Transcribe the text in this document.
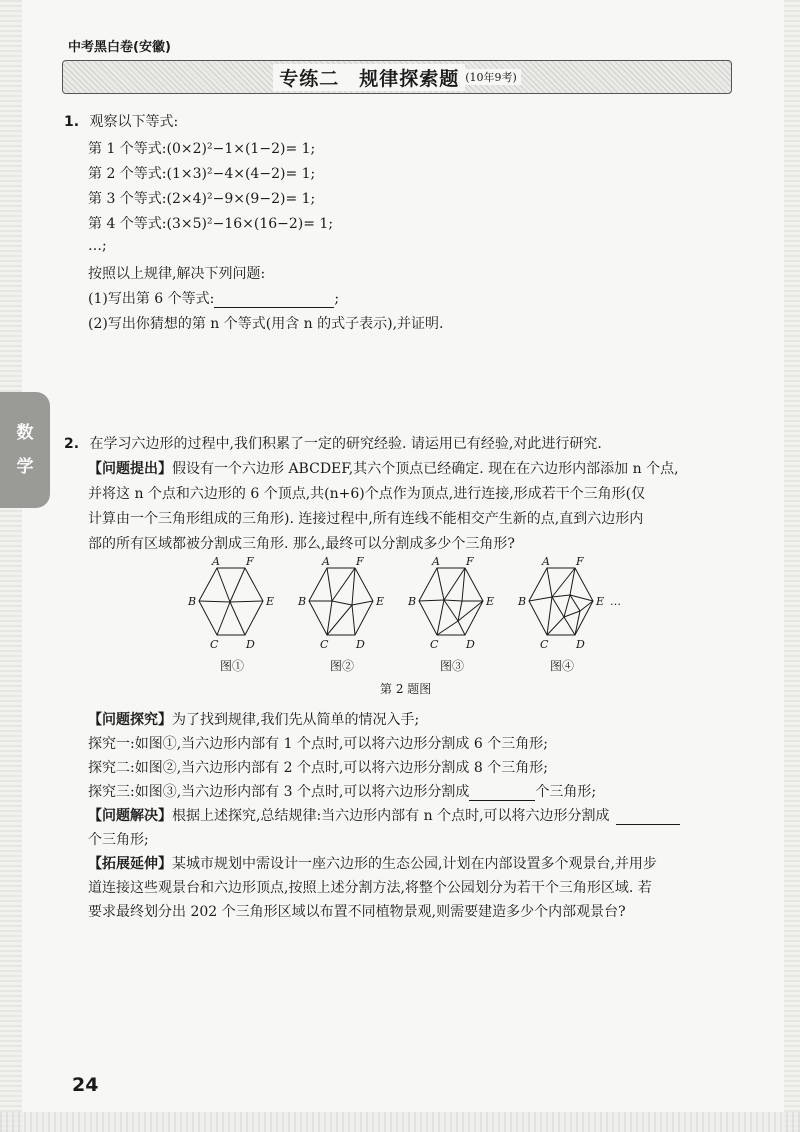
中考黑白卷(安徽)
专练二　规律探索题 (10年9考)
数
学
1. 观察以下等式:
第 1 个等式:(0×2)²−1×(1−2)= 1;
第 2 个等式:(1×3)²−4×(4−2)= 1;
第 3 个等式:(2×4)²−9×(9−2)= 1;
第 4 个等式:(3×5)²−16×(16−2)= 1;
…;
按照以上规律,解决下列问题:
(1)写出第 6 个等式:	;
(2)写出你猜想的第 n 个等式(用含 n 的式子表示),并证明.
2. 在学习六边形的过程中,我们积累了一定的研究经验. 请运用已有经验,对此进行研究.
【问题提出】假设有一个六边形 ABCDEF,其六个顶点已经确定. 现在在六边形内部添加 n 个点,
并将这 n 个点和六边形的 6 个顶点,共(n+6)个点作为顶点,进行连接,形成若干个三角形(仅
计算由一个三角形组成的三角形). 连接过程中,所有连线不能相交产生新的点,直到六边形内
部的所有区域都被分割成三角形. 那么,最终可以分割成多少个三角形?
A F
B	E
C	D
A F
B	E
C	D
A F
B	E
C	D
A F
B	E …
C	D
图①	图②	图③	图④
第 2 题图
【问题探究】为了找到规律,我们先从简单的情况入手;
探究一:如图①,当六边形内部有 1 个点时,可以将六边形分割成 6 个三角形;
探究二:如图②,当六边形内部有 2 个点时,可以将六边形分割成 8 个三角形;
探究三:如图③,当六边形内部有 3 个点时,可以将六边形分割成	个三角形;
【问题解决】根据上述探究,总结规律:当六边形内部有 n 个点时,可以将六边形分割成
个三角形;
【拓展延伸】某城市规划中需设计一座六边形的生态公园,计划在内部设置多个观景台,并用步
道连接这些观景台和六边形顶点,按照上述分割方法,将整个公园划分为若干个三角形区域. 若
要求最终划分出 202 个三角形区域以布置不同植物景观,则需要建造多少个内部观景台?
24
